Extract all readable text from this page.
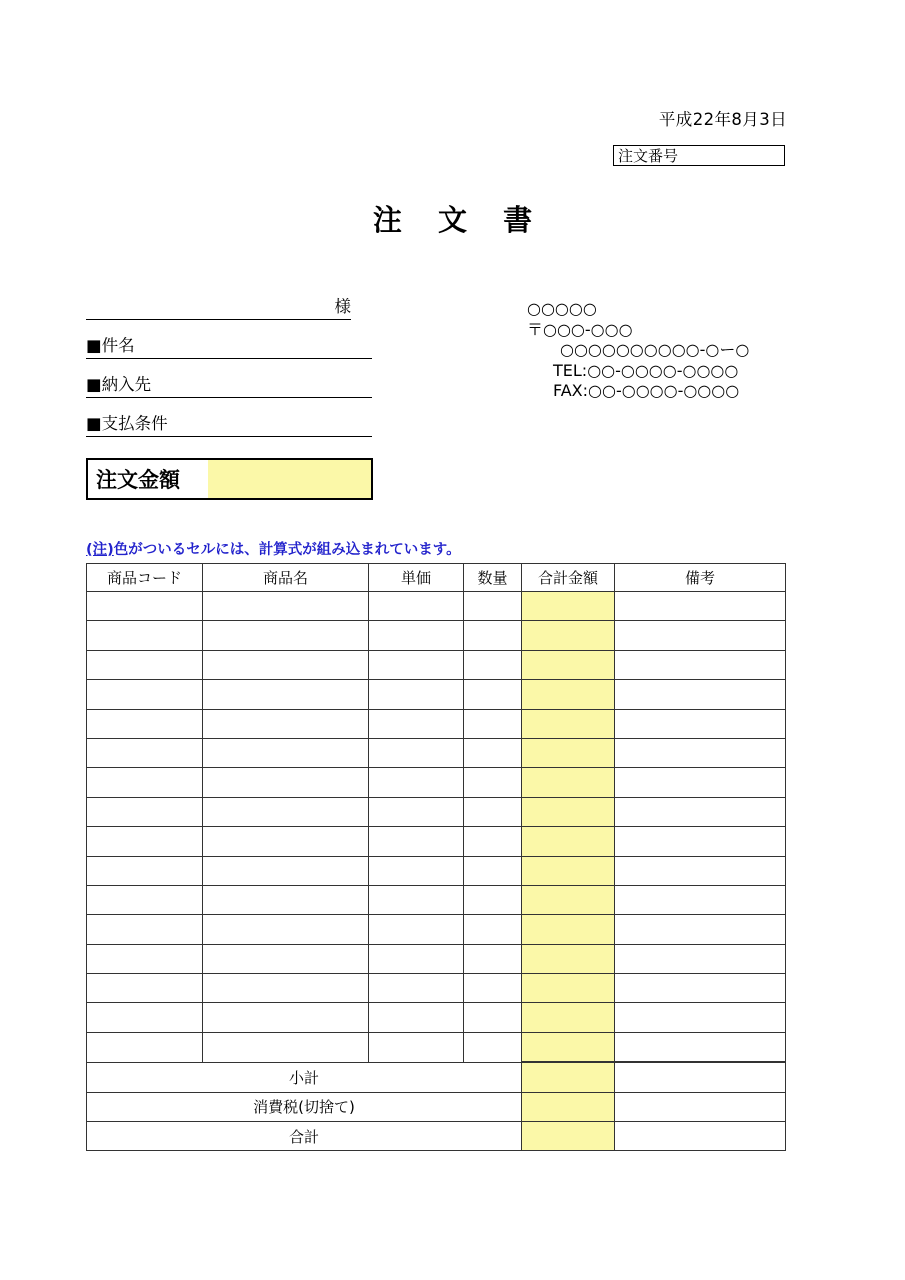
平成22年8月3日
注文番号
注 文 書
様
■件名
■納入先
■支払条件
注文金額
○○○○○
〒○○○-○○○
○○○○○○○○○○-○ー○
TEL:○○-○○○○-○○○○
FAX:○○-○○○○-○○○○
(注)色がついるセルには、計算式が組み込まれています。
商品コード	商品名	単価	数量	合計金額	備考

小計					
消費税(切捨て)					
合計					
